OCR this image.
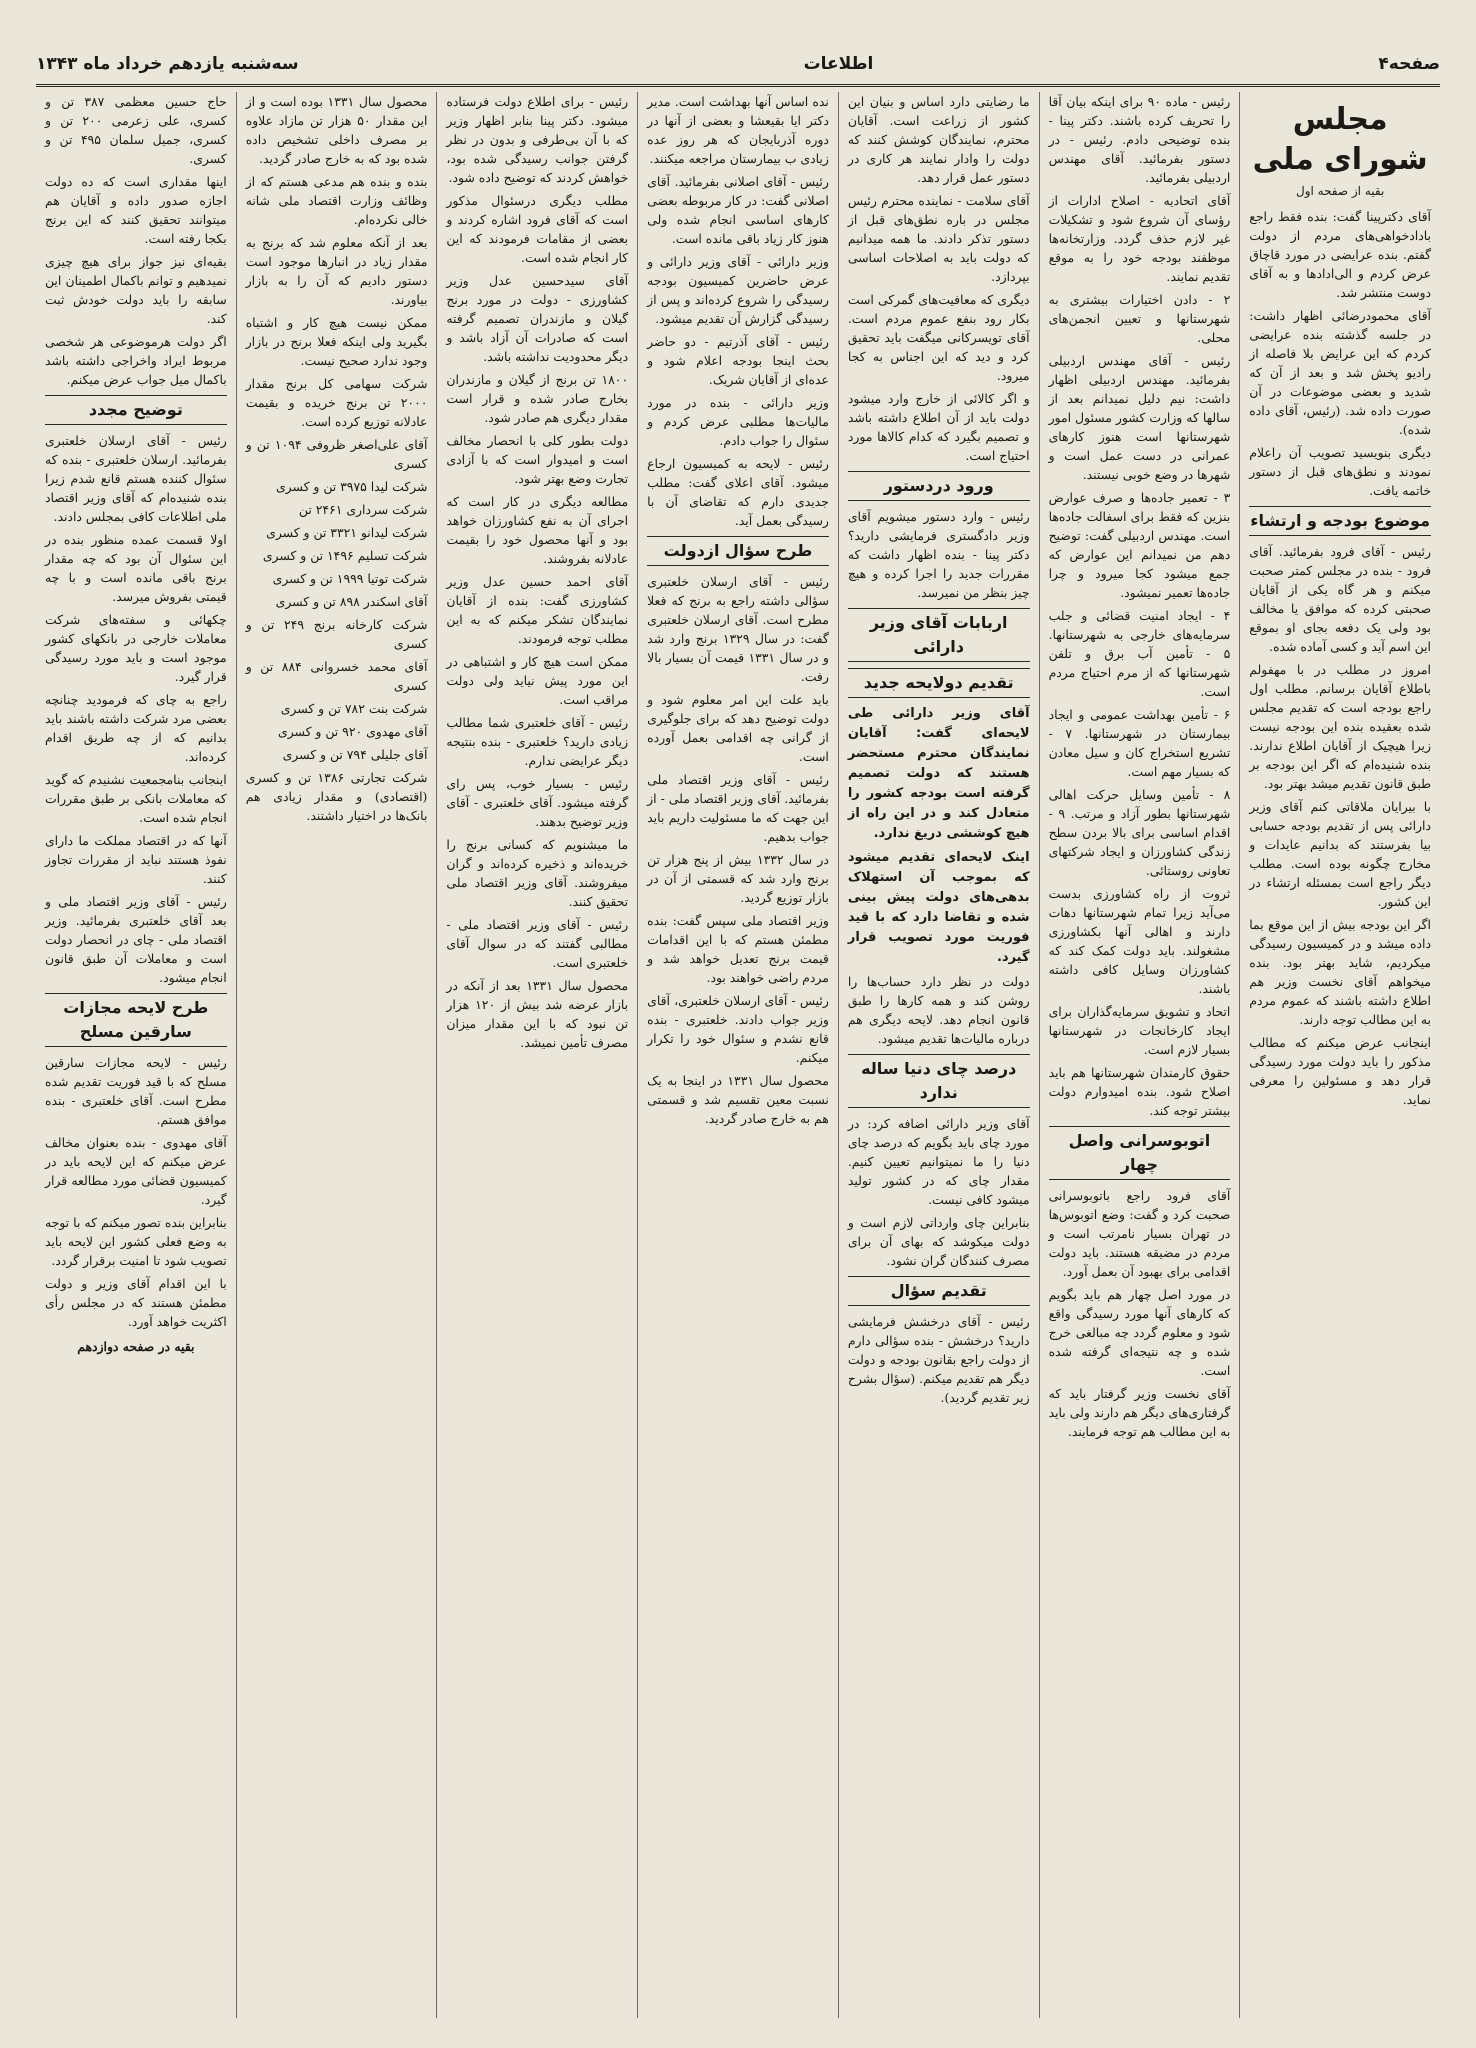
صفحه۴
اطلاعات
سه‌شنبه یازدهم خرداد ماه ۱۳۴۳
مجلس شورای ملی
بقیه از صفحه اول

آقای دکترپینا گفت: بنده فقط راجع بادادخواهی‌های مردم از دولت گفتم. بنده عرایضی در مورد قاچاق عرض کردم و الی‌ادادها و به آقای دوست منتشر شد.

آقای محمودرضائی اظهار داشت: در جلسه گذشته بنده عرایضی کردم که این عرایض بلا فاصله از رادیو پخش شد و بعد از آن که شدید و بعضی موضوعات در آن صورت داده شد. (رئیس، آقای داده شده).

دیگری بنویسید تصویب آن راعلام نمودند و نطق‌های قبل از دستور خاتمه یافت.

موضوع بودجه و ارتشاء

رئیس - آقای فرود بفرمائید. آقای فرود - بنده در مجلس کمتر صحبت میکنم و هر گاه یکی از آقایان صحبتی کرده که موافق یا مخالف بود ولی یک دفعه بجای او بموقع این اسم آید و کسی آماده شده.

امروز در مطلب در با مهفولم باطلاع آقایان برسانم. مطلب اول راجع بودجه است که تقدیم مجلس شده بعقیده بنده این بودجه نیست زیرا هیچیک از آقایان اطلاع ندارند. بنده شنیده‌ام که اگر این بودجه بر طبق قانون تقدیم میشد بهتر بود.

با بیرایان ملاقاتی کنم آقای وزیر دارائی پس از تقدیم بودجه حسابی بیا بفرستند که بدانیم عایدات و مخارج چگونه بوده است. مطلب دیگر راجع است بمسئله ارتشاء در این کشور.

اگر این بودجه بیش از این موقع بما داده میشد و در کمیسیون رسیدگی میکردیم، شاید بهتر بود. بنده میخواهم آقای نخست وزیر هم اطلاع داشته باشند که عموم مردم به این مطالب توجه دارند.

اینجانب عرض میکنم که مطالب مذکور را باید دولت مورد رسیدگی قرار دهد و مسئولین را معرفی نماید.

رئیس - ماده ۹۰ برای اینکه بیان آقا را تحریف کرده باشند. دکتر پینا - بنده توضیحی دادم. رئیس - در دستور بفرمائید. آقای مهندس اردبیلی بفرمائید.

آقای اتحادیه - اصلاح ادارات از رؤسای آن شروع شود و تشکیلات غیر لازم حذف گردد. وزارتخانه‌ها موظفند بودجه خود را به موقع تقدیم نمایند.

۲ - دادن اختیارات بیشتری به شهرستانها و تعیین انجمن‌های محلی.

رئیس - آقای مهندس اردبیلی بفرمائید. مهندس اردبیلی اظهار داشت: نیم دلیل نمیدانم بعد از سالها که وزارت کشور مسئول امور شهرستانها است هنوز کارهای عمرانی در دست عمل است و شهرها در وضع خوبی نیستند.

۳ - تعمیر جاده‌ها و صرف عوارض بنزین که فقط برای اسفالت جاده‌ها است. مهندس اردبیلی گفت: توضیح دهم من نمیدانم این عوارض که جمع میشود کجا میرود و چرا جاده‌ها تعمیر نمیشود.

۴ - ایجاد امنیت قضائی و جلب سرمایه‌های خارجی به شهرستانها. ۵ - تأمین آب برق و تلفن شهرستانها که از مرم احتیاج مردم است.

۶ - تأمین بهداشت عمومی و ایجاد بیمارستان در شهرستانها. ۷ - تشریع استخراج کان و سیل معادن که بسیار مهم است.

۸ - تأمین وسایل حرکت اهالی شهرستانها بطور آزاد و مرتب. ۹ - اقدام اساسی برای بالا بردن سطح زندگی کشاورزان و ایجاد شرکتهای تعاونی روستائی.

ثروت از راه کشاورزی بدست می‌آید زیرا تمام شهرستانها دهات دارند و اهالی آنها بکشاورزی مشغولند. باید دولت کمک کند که کشاورزان وسایل کافی داشته باشند.

اتحاد و تشویق سرمایه‌گذاران برای ایجاد کارخانجات در شهرستانها بسیار لازم است.

حقوق کارمندان شهرستانها هم باید اصلاح شود. بنده امیدوارم دولت بیشتر توجه کند.

اتوبوسرانی واصل چهار

آقای فرود راجع باتوبوسرانی صحبت کرد و گفت: وضع اتوبوس‌ها در تهران بسیار نامرتب است و مردم در مضیقه هستند. باید دولت اقدامی برای بهبود آن بعمل آورد.

در مورد اصل چهار هم باید بگویم که کارهای آنها مورد رسیدگی واقع شود و معلوم گردد چه مبالغی خرج شده و چه نتیجه‌ای گرفته شده است.

آقای نخست وزیر گرفتار باید که گرفتاری‌های دیگر هم دارند ولی باید به این مطالب هم توجه فرمایند.

ما رضایتی دارد اساس و بنیان این کشور از زراعت است. آقایان محترم، نمایندگان کوشش کنند که دولت را وادار نمایند هر کاری در دستور عمل قرار دهد.

آقای سلامت - نماینده محترم رئیس مجلس در باره نطق‌های قبل از دستور تذکر دادند. ما همه میدانیم که دولت باید به اصلاحات اساسی بپردازد.

دیگری که معافیت‌های گمرکی است بکار رود بنفع عموم مردم است. آقای تویسرکانی میگفت باید تحقیق کرد و دید که این اجناس به کجا میرود.

و اگر کالائی از خارج وارد میشود دولت باید از آن اطلاع داشته باشد و تصمیم بگیرد که کدام کالاها مورد احتیاج است.

ورود دردستور

رئیس - وارد دستور میشویم آقای وزیر دادگستری فرمایشی دارید؟ دکتر پینا - بنده اظهار داشت که مقررات جدید را اجرا کرده و هیچ چیز بنظر من نمیرسد.

اربابات آقای وزیر دارائی
تقدیم دولایحه جدید
آقای وزیر دارائی طی لایحه‌ای گفت: آقایان نمایندگان محترم مستحضر هستند که دولت تصمیم گرفته است بودجه کشور را متعادل کند و در این راه از هیچ کوششی دریغ ندارد.
اینک لایحه‌ای تقدیم میشود که بموجب آن استهلاک بدهی‌های دولت پیش بینی شده و تقاضا دارد که با قید فوریت مورد تصویب قرار گیرد.

دولت در نظر دارد حساب‌ها را روشن کند و همه کارها را طبق قانون انجام دهد. لایحه دیگری هم درباره مالیات‌ها تقدیم میشود.

درصد چای دنیا ساله ندارد

آقای وزیر دارائی اضافه کرد: در مورد چای باید بگویم که درصد چای دنیا را ما نمیتوانیم تعیین کنیم. مقدار چای که در کشور تولید میشود کافی نیست.

بنابراین چای وارداتی لازم است و دولت میکوشد که بهای آن برای مصرف کنندگان گران نشود.

تقدیم سؤال

رئیس - آقای درخشش فرمایشی دارید؟ درخشش - بنده سؤالی دارم از دولت راجع بقانون بودجه و دولت دیگر هم تقدیم میکنم. (سؤال بشرح زیر تقدیم گردید).

نده اساس آنها بهداشت است. مدیر دکتر ایا بقیعشا و بعضی از آنها در دوره آذربایجان که هر روز عده زیادی ب بیمارستان مراجعه میکنند.

رئیس - آقای اصلانی بفرمائید. آقای اصلانی گفت: در کار مربوطه بعضی کارهای اساسی انجام شده ولی هنوز کار زیاد باقی مانده است.

وزیر دارائی - آقای وزیر دارائی و عرض حاضرین کمیسیون بودجه رسیدگی را شروع کرده‌اند و پس از رسیدگی گزارش آن تقدیم میشود.

رئیس - آقای آذرتیم - دو حاضر بحث اینجا بودجه اعلام شود و عده‌ای از آقایان شریک.

وزیر دارائی - بنده در مورد مالیات‌ها مطلبی عرض کردم و سئوال را جواب دادم.

رئیس - لایحه به کمیسیون ارجاع میشود. آقای اعلای گفت: مطلب جدیدی دارم که تقاضای آن با رسیدگی بعمل آید.

طرح سؤال ازدولت

رئیس - آقای ارسلان خلعتبری سؤالی داشته راجع به برنج که فعلا مطرح است. آقای ارسلان خلعتبری گفت: در سال ۱۳۲۹ برنج وارد شد و در سال ۱۳۳۱ قیمت آن بسیار بالا رفت.

باید علت این امر معلوم شود و دولت توضیح دهد که برای جلوگیری از گرانی چه اقدامی بعمل آورده است.

رئیس - آقای وزیر اقتصاد ملی بفرمائید. آقای وزیر اقتصاد ملی - از این جهت که ما مسئولیت داریم باید جواب بدهیم.

در سال ۱۳۳۲ بیش از پنج هزار تن برنج وارد شد که قسمتی از آن در بازار توزیع گردید.

وزیر اقتصاد ملی سپس گفت: بنده مطمئن هستم که با این اقدامات قیمت برنج تعدیل خواهد شد و مردم راضی خواهند بود.

رئیس - آقای ارسلان خلعتبری، آقای وزیر جواب دادند. خلعتبری - بنده قانع نشدم و سئوال خود را تکرار میکنم.

محصول سال ۱۳۳۱ در اینجا به یک نسبت معین تقسیم شد و قسمتی هم به خارج صادر گردید.

رئیس - برای اطلاع دولت فرستاده میشود. دکتر پینا بنابر اظهار وزیر که با آن بی‌طرفی و بدون در نظر گرفتن جوانب رسیدگی شده بود، خواهش کردند که توضیح داده شود.

مطلب دیگری درسئوال مذکور است که آقای فرود اشاره کردند و بعضی از مقامات فرمودند که این کار انجام شده است.

آقای سیدحسین عدل وزیر کشاورزی - دولت در مورد برنج گیلان و مازندران تصمیم گرفته است که صادرات آن آزاد باشد و دیگر محدودیت نداشته باشد.

۱۸۰۰ تن برنج از گیلان و مازندران بخارج صادر شده و قرار است مقدار دیگری هم صادر شود.

دولت بطور کلی با انحصار مخالف است و امیدوار است که با آزادی تجارت وضع بهتر شود.

مطالعه دیگری در کار است که اجرای آن به نفع کشاورزان خواهد بود و آنها محصول خود را بقیمت عادلانه بفروشند.

آقای احمد حسین عدل وزیر کشاورزی گفت: بنده از آقایان نمایندگان تشکر میکنم که به این مطلب توجه فرمودند.

ممکن است هیچ کار و اشتباهی در این مورد پیش نیاید ولی دولت مراقب است.

رئیس - آقای خلعتبری شما مطالب زیادی دارید؟ خلعتبری - بنده بنتیجه دیگر عرایضی ندارم.

رئیس - بسیار خوب، پس رای گرفته میشود. آقای خلعتبری - آقای وزیر توضیح بدهند.

ما میشنویم که کسانی برنج را خریده‌اند و ذخیره کرده‌اند و گران میفروشند. آقای وزیر اقتصاد ملی تحقیق کنند.

رئیس - آقای وزیر اقتصاد ملی - مطالبی گفتند که در سوال آقای خلعتبری است.

محصول سال ۱۳۳۱ بعد از آنکه در بازار عرضه شد بیش از ۱۲۰ هزار تن نبود که با این مقدار میزان مصرف تأمین نمیشد.

محصول سال ۱۳۳۱ بوده است و از این مقدار ۵۰ هزار تن مازاد علاوه بر مصرف داخلی تشخیص داده شده بود که به خارج صادر گردید.

بنده و بنده هم مدعی هستم که از وظائف وزارت اقتصاد ملی شانه خالی نکرده‌ام.

بعد از آنکه معلوم شد که برنج به مقدار زیاد در انبارها موجود است دستور دادیم که آن را به بازار بیاورند.

ممکن نیست هیچ کار و اشتباه بگیرید ولی اینکه فعلا برنج در بازار وجود ندارد صحیح نیست.

شرکت سهامی کل برنج مقدار ۲۰۰۰ تن برنج خریده و بقیمت عادلانه توزیع کرده است.

آقای علی‌اصغر ظروفی ۱۰۹۴ تن و کسری

شرکت لیدا ۳۹۷۵ تن و کسری

شرکت سرداری ۲۴۶۱ تن

شرکت لیدانو ۳۳۲۱ تن و کسری

شرکت تسلیم ۱۴۹۶ تن و کسری

شرکت توتیا ۱۹۹۹ تن و کسری

آقای اسکندر ۸۹۸ تن و کسری

شرکت کارخانه برنج ۲۴۹ تن و کسری

آقای محمد خسروانی ۸۸۴ تن و کسری

شرکت بنت ۷۸۲ تن و کسری

آقای مهدوی ۹۲۰ تن و کسری

آقای جلیلی ۷۹۴ تن و کسری

شرکت تجارتی ۱۳۸۶ تن و کسری (اقتصادی) و مقدار زیادی هم بانک‌ها در اختیار داشتند.

حاج حسین معظمی ۳۸۷ تن و کسری، علی زعرمی ۲۰۰ تن و کسری، جمیل سلمان ۴۹۵ تن و کسری.

اینها مقداری است که ده دولت اجازه صدور داده و آقایان هم میتوانند تحقیق کنند که این برنج بکجا رفته است.

بقیه‌ای نیز جواز برای هیچ چیزی نمیدهیم و توانم باکمال اطمینان این سابقه را باید دولت خودش ثبت کند.

اگر دولت هرموضوعی هر شخصی مربوط ایراد واخراجی داشته باشد باکمال میل جواب عرض میکنم.

توضیح مجدد

رئیس - آقای ارسلان خلعتبری بفرمائید. ارسلان خلعتبری - بنده که سئوال کننده هستم قانع شدم زیرا بنده شنیده‌ام که آقای وزیر اقتصاد ملی اطلاعات کافی بمجلس دادند.

اولا قسمت عمده منظور بنده در این سئوال آن بود که چه مقدار برنج باقی مانده است و با چه قیمتی بفروش میرسد.

چکهائی و سفته‌های شرکت معاملات خارجی در بانکهای کشور موجود است و باید مورد رسیدگی قرار گیرد.

راجع به چای که فرمودید چنانچه بعضی مرد شرکت داشته باشند باید بدانیم که از چه طریق اقدام کرده‌اند.

اینجانب بنامجمعیت نشنیدم که گوید که معاملات بانکی بر طبق مقررات انجام شده است.

آنها که در اقتصاد مملکت ما دارای نفوذ هستند نباید از مقررات تجاوز کنند.

رئیس - آقای وزیر اقتصاد ملی و بعد آقای خلعتبری بفرمائید. وزیر اقتصاد ملی - چای در انحصار دولت است و معاملات آن طبق قانون انجام میشود.

طرح لایحه مجازات سارقین مسلح

رئیس - لایحه مجازات سارقین مسلح که با قید فوریت تقدیم شده مطرح است. آقای خلعتبری - بنده موافق هستم.

آقای مهدوی - بنده بعنوان مخالف عرض میکنم که این لایحه باید در کمیسیون قضائی مورد مطالعه قرار گیرد.

بنابراین بنده تصور میکنم که با توجه به وضع فعلی کشور این لایحه باید تصویب شود تا امنیت برقرار گردد.

با این اقدام آقای وزیر و دولت مطمئن هستند که در مجلس رأی اکثریت خواهد آورد.

بقیه در صفحه دوازدهم
